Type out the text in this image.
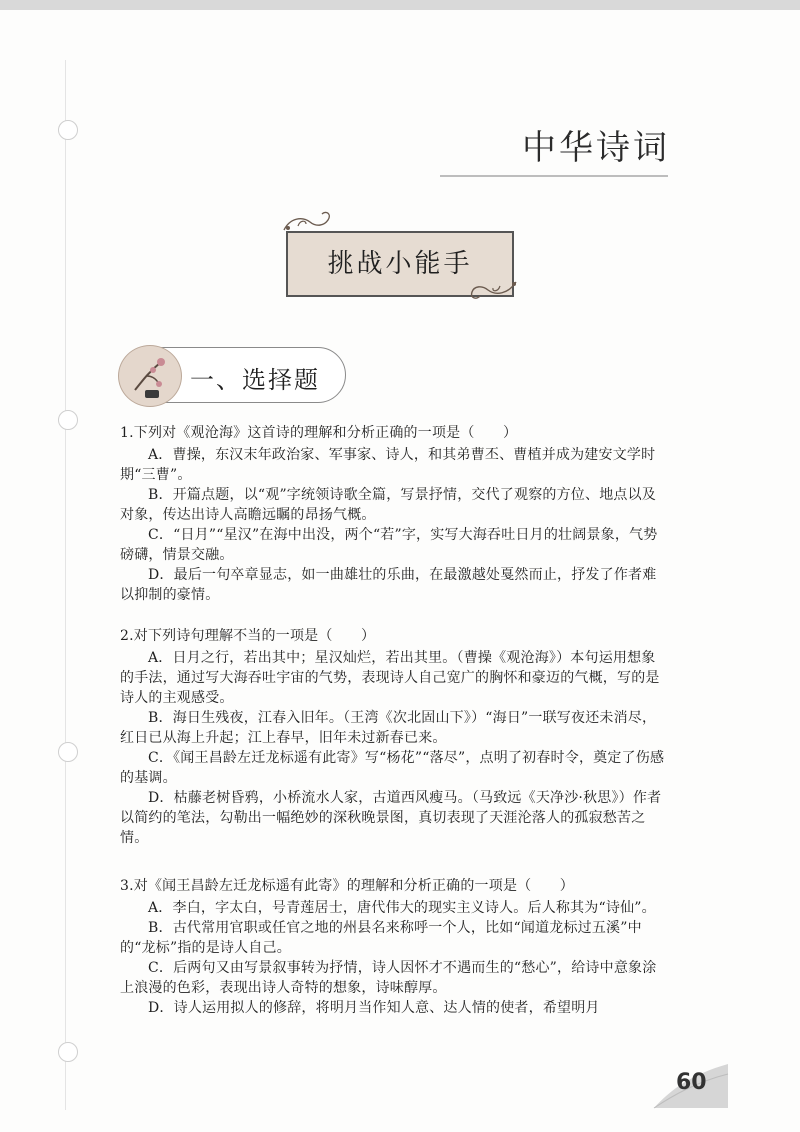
中华诗词
挑战小能手
一、选择题

1.下列对《观沧海》这首诗的理解和分析正确的一项是（　　）

A．曹操，东汉末年政治家、军事家、诗人，和其弟曹丕、曹植并成为建安文学时期“三曹”。

B．开篇点题，以“观”字统领诗歌全篇，写景抒情，交代了观察的方位、地点以及对象，传达出诗人高瞻远瞩的昂扬气概。

C．“日月”“星汉”在海中出没，两个“若”字，实写大海吞吐日月的壮阔景象，气势磅礴，情景交融。

D．最后一句卒章显志，如一曲雄壮的乐曲，在最激越处戛然而止，抒发了作者难以抑制的豪情。

2.对下列诗句理解不当的一项是（　　）

A．日月之行，若出其中；星汉灿烂，若出其里。（曹操《观沧海》）本句运用想象的手法，通过写大海吞吐宇宙的气势，表现诗人自己宽广的胸怀和豪迈的气概，写的是诗人的主观感受。

B．海日生残夜，江春入旧年。（王湾《次北固山下》）“海日”一联写夜还未消尽，红日已从海上升起；江上春早，旧年未过新春已来。

C．《闻王昌龄左迁龙标遥有此寄》写“杨花”“落尽”，点明了初春时令，奠定了伤感的基调。

D．枯藤老树昏鸦，小桥流水人家，古道西风瘦马。（马致远《天净沙·秋思》）作者以简约的笔法，勾勒出一幅绝妙的深秋晚景图，真切表现了天涯沦落人的孤寂愁苦之情。

3.对《闻王昌龄左迁龙标遥有此寄》的理解和分析正确的一项是（　　）

A．李白，字太白，号青莲居士，唐代伟大的现实主义诗人。后人称其为“诗仙”。

B．古代常用官职或任官之地的州县名来称呼一个人，比如“闻道龙标过五溪”中的“龙标”指的是诗人自己。

C．后两句又由写景叙事转为抒情，诗人因怀才不遇而生的“愁心”，给诗中意象涂上浪漫的色彩，表现出诗人奇特的想象，诗味醇厚。

D．诗人运用拟人的修辞，将明月当作知人意、达人情的使者，希望明月

60
